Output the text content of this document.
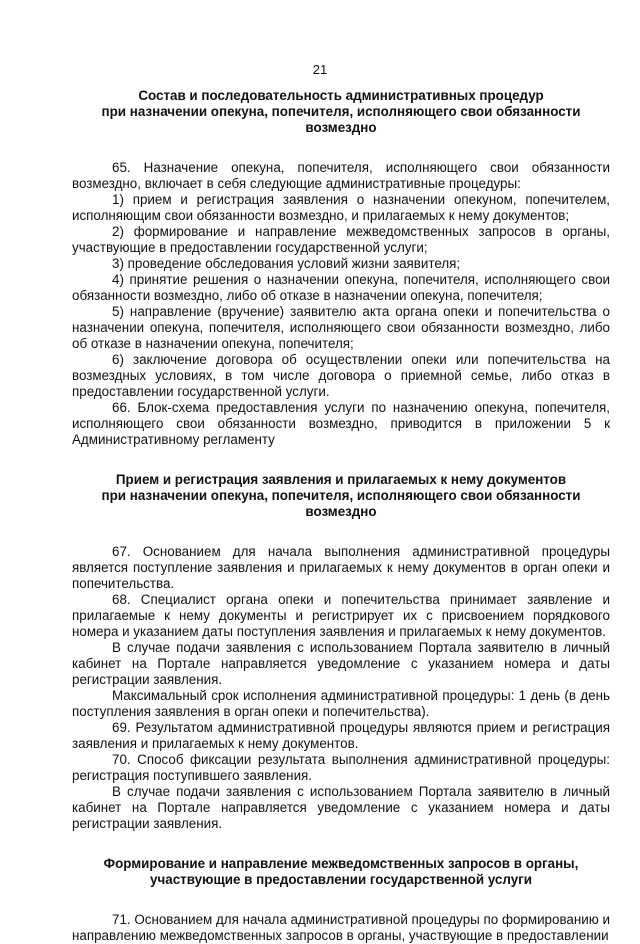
21
Состав и последовательность административных процедур
при назначении опекуна, попечителя, исполняющего свои обязанности
возмездно

65. Назначение опекуна, попечителя, исполняющего свои обязанности возмездно, включает в себя следующие административные процедуры:

1) прием и регистрация заявления о назначении опекуном, попечителем, исполняющим свои обязанности возмездно, и прилагаемых к нему документов;

2) формирование и направление межведомственных запросов в органы, участвующие в предоставлении государственной услуги;

3) проведение обследования условий жизни заявителя;

4) принятие решения о назначении опекуна, попечителя, исполняющего свои обязанности возмездно, либо об отказе в назначении опекуна, попечителя;

5) направление (вручение) заявителю акта органа опеки и попечительства о назначении опекуна, попечителя, исполняющего свои обязанности возмездно, либо об отказе в назначении опекуна, попечителя;

6) заключение договора об осуществлении опеки или попечительства на возмездных условиях, в том числе договора о приемной семье, либо отказ в предоставлении государственной услуги.

66. Блок-схема предоставления услуги по назначению опекуна, попечителя, исполняющего свои обязанности возмездно, приводится в приложении 5 к Административному регламенту

Прием и регистрация заявления и прилагаемых к нему документов
при назначении опекуна, попечителя, исполняющего свои обязанности
возмездно

67. Основанием для начала выполнения административной процедуры является поступление заявления и прилагаемых к нему документов в орган опеки и попечительства.

68. Специалист органа опеки и попечительства принимает заявление и прилагаемые к нему документы и регистрирует их с присвоением порядкового номера и указанием даты поступления заявления и прилагаемых к нему документов.

В случае подачи заявления с использованием Портала заявителю в личный кабинет на Портале направляется уведомление с указанием номера и даты регистрации заявления.

Максимальный срок исполнения административной процедуры: 1 день (в день поступления заявления в орган опеки и попечительства).

69. Результатом административной процедуры являются прием и регистрация заявления и прилагаемых к нему документов.

70. Способ фиксации результата выполнения административной процедуры: регистрация поступившего заявления.

В случае подачи заявления с использованием Портала заявителю в личный кабинет на Портале направляется уведомление с указанием номера и даты регистрации заявления.

Формирование и направление межведомственных запросов в органы,
участвующие в предоставлении государственной услуги

71. Основанием для начала административной процедуры по формированию и направлению межведомственных запросов в органы, участвующие в предоставлении
